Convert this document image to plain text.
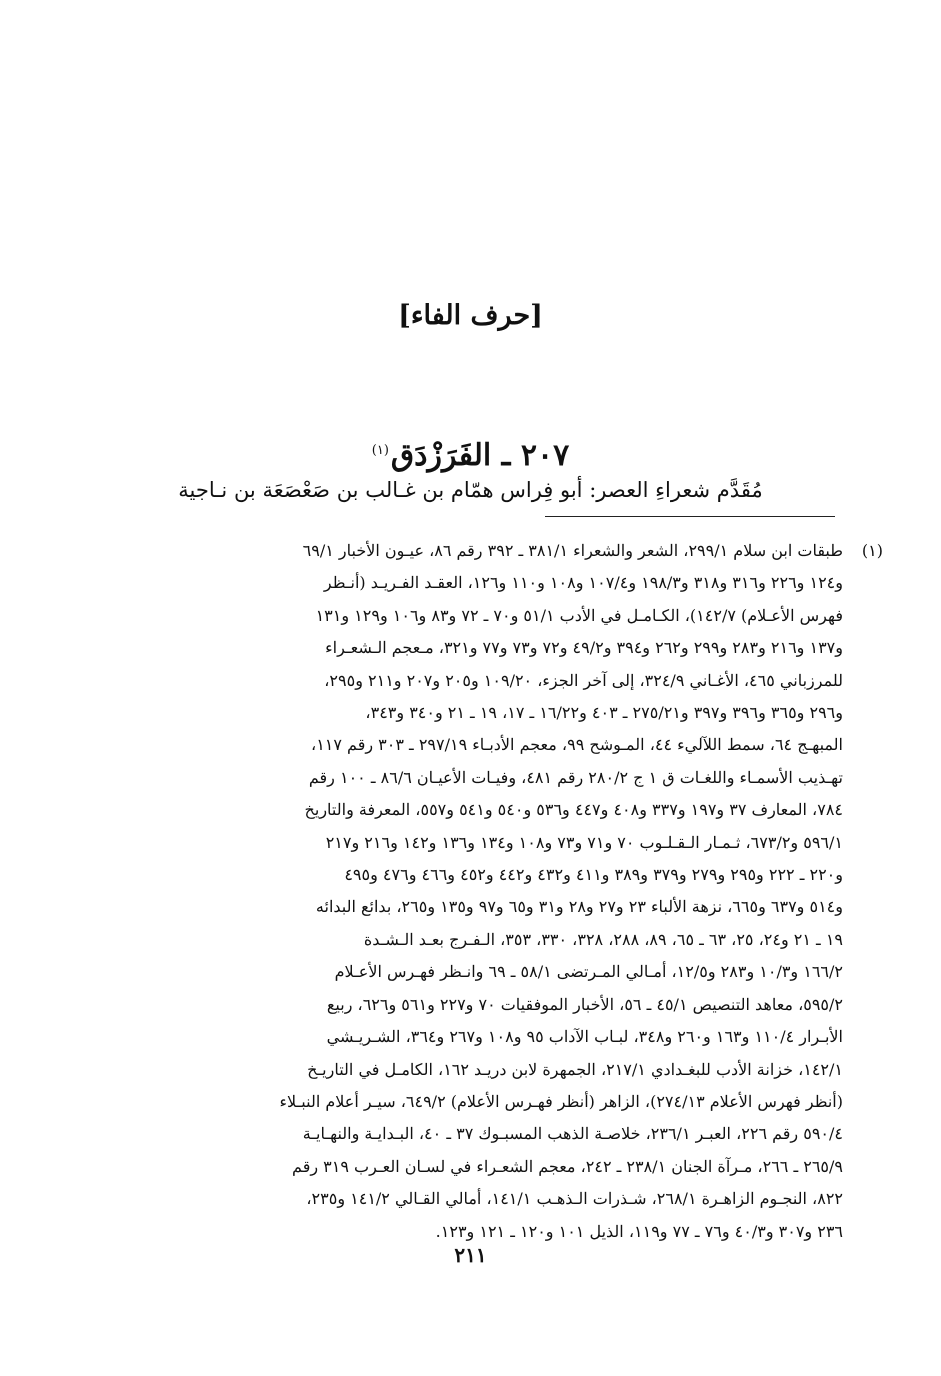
[حرف الفاء]
٢٠٧ ـ الفَرَزْدَق$^{(١)}$
مُقَدَّم شعراءِ العصر: أبو فِراس همّام بن غـالب بن صَعْصَعَة بن نـاجية
(١)
طبقات ابن سلام ٢٩٩/١، الشعر والشعراء ٣٨١/١ ـ ٣٩٢ رقم ٨٦، عيـون الأخبار ٦٩/١
و١٢٤ و٢٢٦ و٣١٦ و٣١٨ و١٩٨/٣ و١٠٧/٤ و١٠٨ و١١٠ و١٢٦، العقـد الفـريـد (أنـظر
فهرس الأعـلام) ١٤٢/٧)، الكـامـل في الأدب ٥١/١ و٧٠ ـ ٧٢ و٨٣ و١٠٦ و١٢٩ و١٣١
و١٣٧ و٢١٦ و٢٨٣ و٢٩٩ و٢٦٢ و٣٩٤ و٤٩/٢ و٧٢ و٧٣ و٧٧ و٣٢١، مـعجم الـشعـراء
للمرزباني ٤٦٥، الأغـاني ٣٢٤/٩، إلى آخر الجزء، ١٠٩/٢٠ و٢٠٥ و٢٠٧ و٢١١ و٢٩٥،
و٢٩٦ و٣٦٥ و٣٩٦ و٣٩٧ و٢٧٥/٢١ ـ ٤٠٣ و١٦/٢٢ ـ ١٧، ١٩ ـ ٢١ و٣٤٠ و٣٤٣،
المبهـج ٦٤، سمط اللآليء ٤٤، المـوشح ٩٩، معجم الأدبـاء ٢٩٧/١٩ ـ ٣٠٣ رقم ١١٧،
تهـذيب الأسمـاء واللغـات ق ١ ج ٢٨٠/٢ رقم ٤٨١، وفيـات الأعيـان ٨٦/٦ ـ ١٠٠ رقم
٧٨٤، المعارف ٣٧ و١٩٧ و٣٣٧ و٤٠٨ و٤٤٧ و٥٣٦ و٥٤٠ و٥٤١ و٥٥٧، المعرفة والتاريخ
٥٩٦/١ و٦٧٣/٢، ثـمـار الـقـلـوب ٧٠ و٧١ و٧٣ و١٠٨ و١٣٤ و١٣٦ و١٤٢ و٢١٦ و٢١٧
و٢٢٠ ـ ٢٢٢ و٢٩٥ و٢٧٩ و٣٧٩ و٣٨٩ و٤١١ و٤٣٢ و٤٤٢ و٤٥٢ و٤٦٦ و٤٧٦ و٤٩٥
و٥١٤ و٦٣٧ و٦٦٥، نزهة الألباء ٢٣ و٢٧ و٢٨ و٣١ و٦٥ و٩٧ و١٣٥ و٢٦٥، بدائع البدائه
١٩ ـ ٢١ و٢٤، ٢٥، ٦٣ ـ ٦٥، ٨٩، ٢٨٨، ٣٢٨، ٣٣٠، ٣٥٣، الـفـرج بعـد الـشـدة
١٦٦/٢ و١٠/٣ و٢٨٣ و١٢/٥، أمـالي المـرتضى ٥٨/١ ـ ٦٩ وانـظر فهـرس الأعـلام
٥٩٥/٢، معاهد التنصيص ٤٥/١ ـ ٥٦، الأخبار الموفقيات ٧٠ و٢٢٧ و٥٦١ و٦٢٦، ربيع
الأبـرار ١١٠/٤ و١٦٣ و٢٦٠ و٣٤٨، لبـاب الآداب ٩٥ و١٠٨ و٢٦٧ و٣٦٤، الشـريـشي
١٤٢/١، خزانة الأدب للبغـدادي ٢١٧/١، الجمهرة لابن دريـد ١٦٢، الكامـل في التاريـخ
(أنظر فهرس الأعلام ٢٧٤/١٣)، الزاهر (أنظر فهـرس الأعلام) ٦٤٩/٢، سيـر أعلام النبـلاء
٥٩٠/٤ رقم ٢٢٦، العبـر ٢٣٦/١، خلاصـة الذهب المسبـوك ٣٧ ـ ٤٠، البـدايـة والنهـايـة
٢٦٥/٩ ـ ٢٦٦، مـرآة الجنان ٢٣٨/١ ـ ٢٤٢، معجم الشعـراء في لسـان العـرب ٣١٩ رقم
٨٢٢، النجـوم الزاهـرة ٢٦٨/١، شـذرات الـذهـب ١٤١/١، أمالي القـالي ١٤١/٢ و٢٣٥،
٢٣٦ و٣٠٧ و٤٠/٣ و٧٦ ـ ٧٧ و١١٩، الذيل ١٠١ و١٢٠ ـ ١٢١ و١٢٣.
٢١١
